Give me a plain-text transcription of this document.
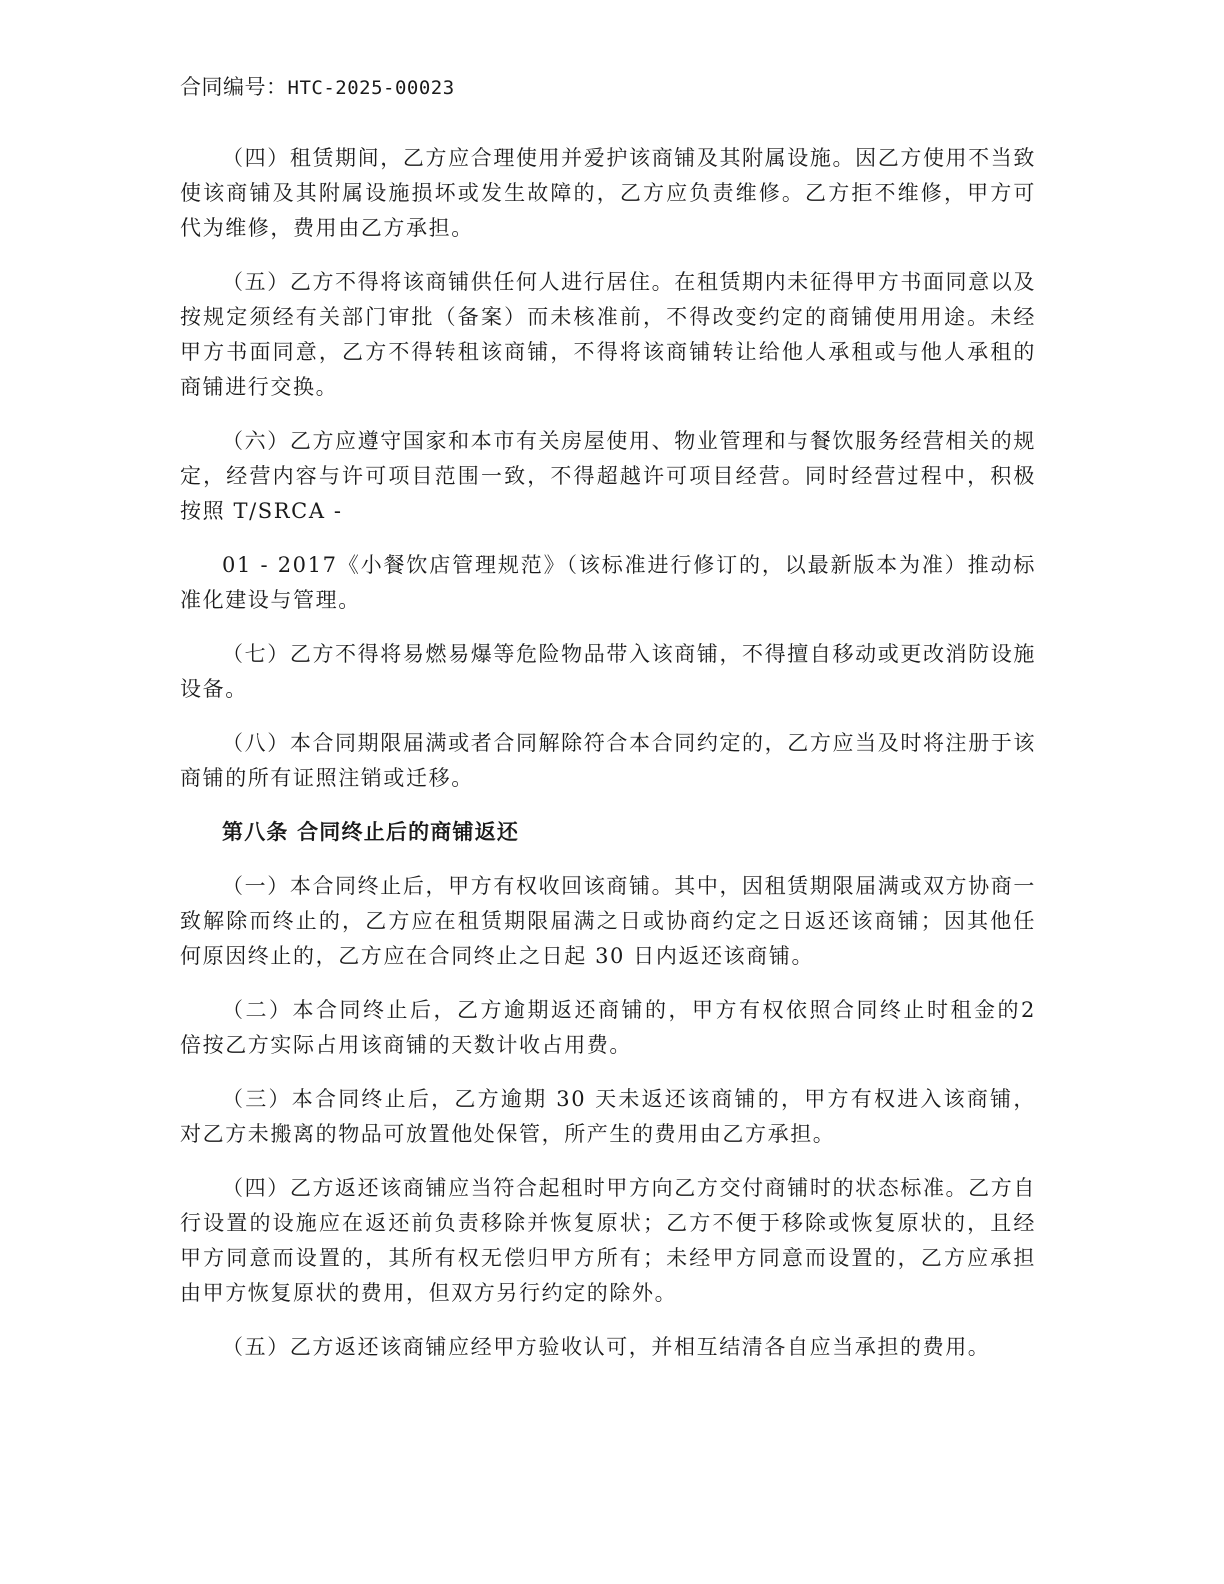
合同编号：HTC-2025-00023

（四）租赁期间，乙方应合理使用并爱护该商铺及其附属设施。因乙方使用不当致使该商铺及其附属设施损坏或发生故障的，乙方应负责维修。乙方拒不维修，甲方可代为维修，费用由乙方承担。

（五）乙方不得将该商铺供任何人进行居住。在租赁期内未征得甲方书面同意以及按规定须经有关部门审批（备案）而未核准前，不得改变约定的商铺使用用途。未经甲方书面同意，乙方不得转租该商铺，不得将该商铺转让给他人承租或与他人承租的商铺进行交换。

（六）乙方应遵守国家和本市有关房屋使用、物业管理和与餐饮服务经营相关的规定，经营内容与许可项目范围一致，不得超越许可项目经营。同时经营过程中，积极按照 T/SRCA -

01 - 2017《小餐饮店管理规范》（该标准进行修订的，以最新版本为准）推动标准化建设与管理。

（七）乙方不得将易燃易爆等危险物品带入该商铺，不得擅自移动或更改消防设施设备。

（八）本合同期限届满或者合同解除符合本合同约定的，乙方应当及时将注册于该商铺的所有证照注销或迁移。

第八条 合同终止后的商铺返还

（一）本合同终止后，甲方有权收回该商铺。其中，因租赁期限届满或双方协商一致解除而终止的，乙方应在租赁期限届满之日或协商约定之日返还该商铺；因其他任何原因终止的，乙方应在合同终止之日起 30 日内返还该商铺。

（二）本合同终止后，乙方逾期返还商铺的，甲方有权依照合同终止时租金的2 倍按乙方实际占用该商铺的天数计收占用费。

（三）本合同终止后，乙方逾期 30 天未返还该商铺的，甲方有权进入该商铺，对乙方未搬离的物品可放置他处保管，所产生的费用由乙方承担。

（四）乙方返还该商铺应当符合起租时甲方向乙方交付商铺时的状态标准。乙方自行设置的设施应在返还前负责移除并恢复原状；乙方不便于移除或恢复原状的，且经甲方同意而设置的，其所有权无偿归甲方所有；未经甲方同意而设置的，乙方应承担由甲方恢复原状的费用，但双方另行约定的除外。

（五）乙方返还该商铺应经甲方验收认可，并相互结清各自应当承担的费用。
